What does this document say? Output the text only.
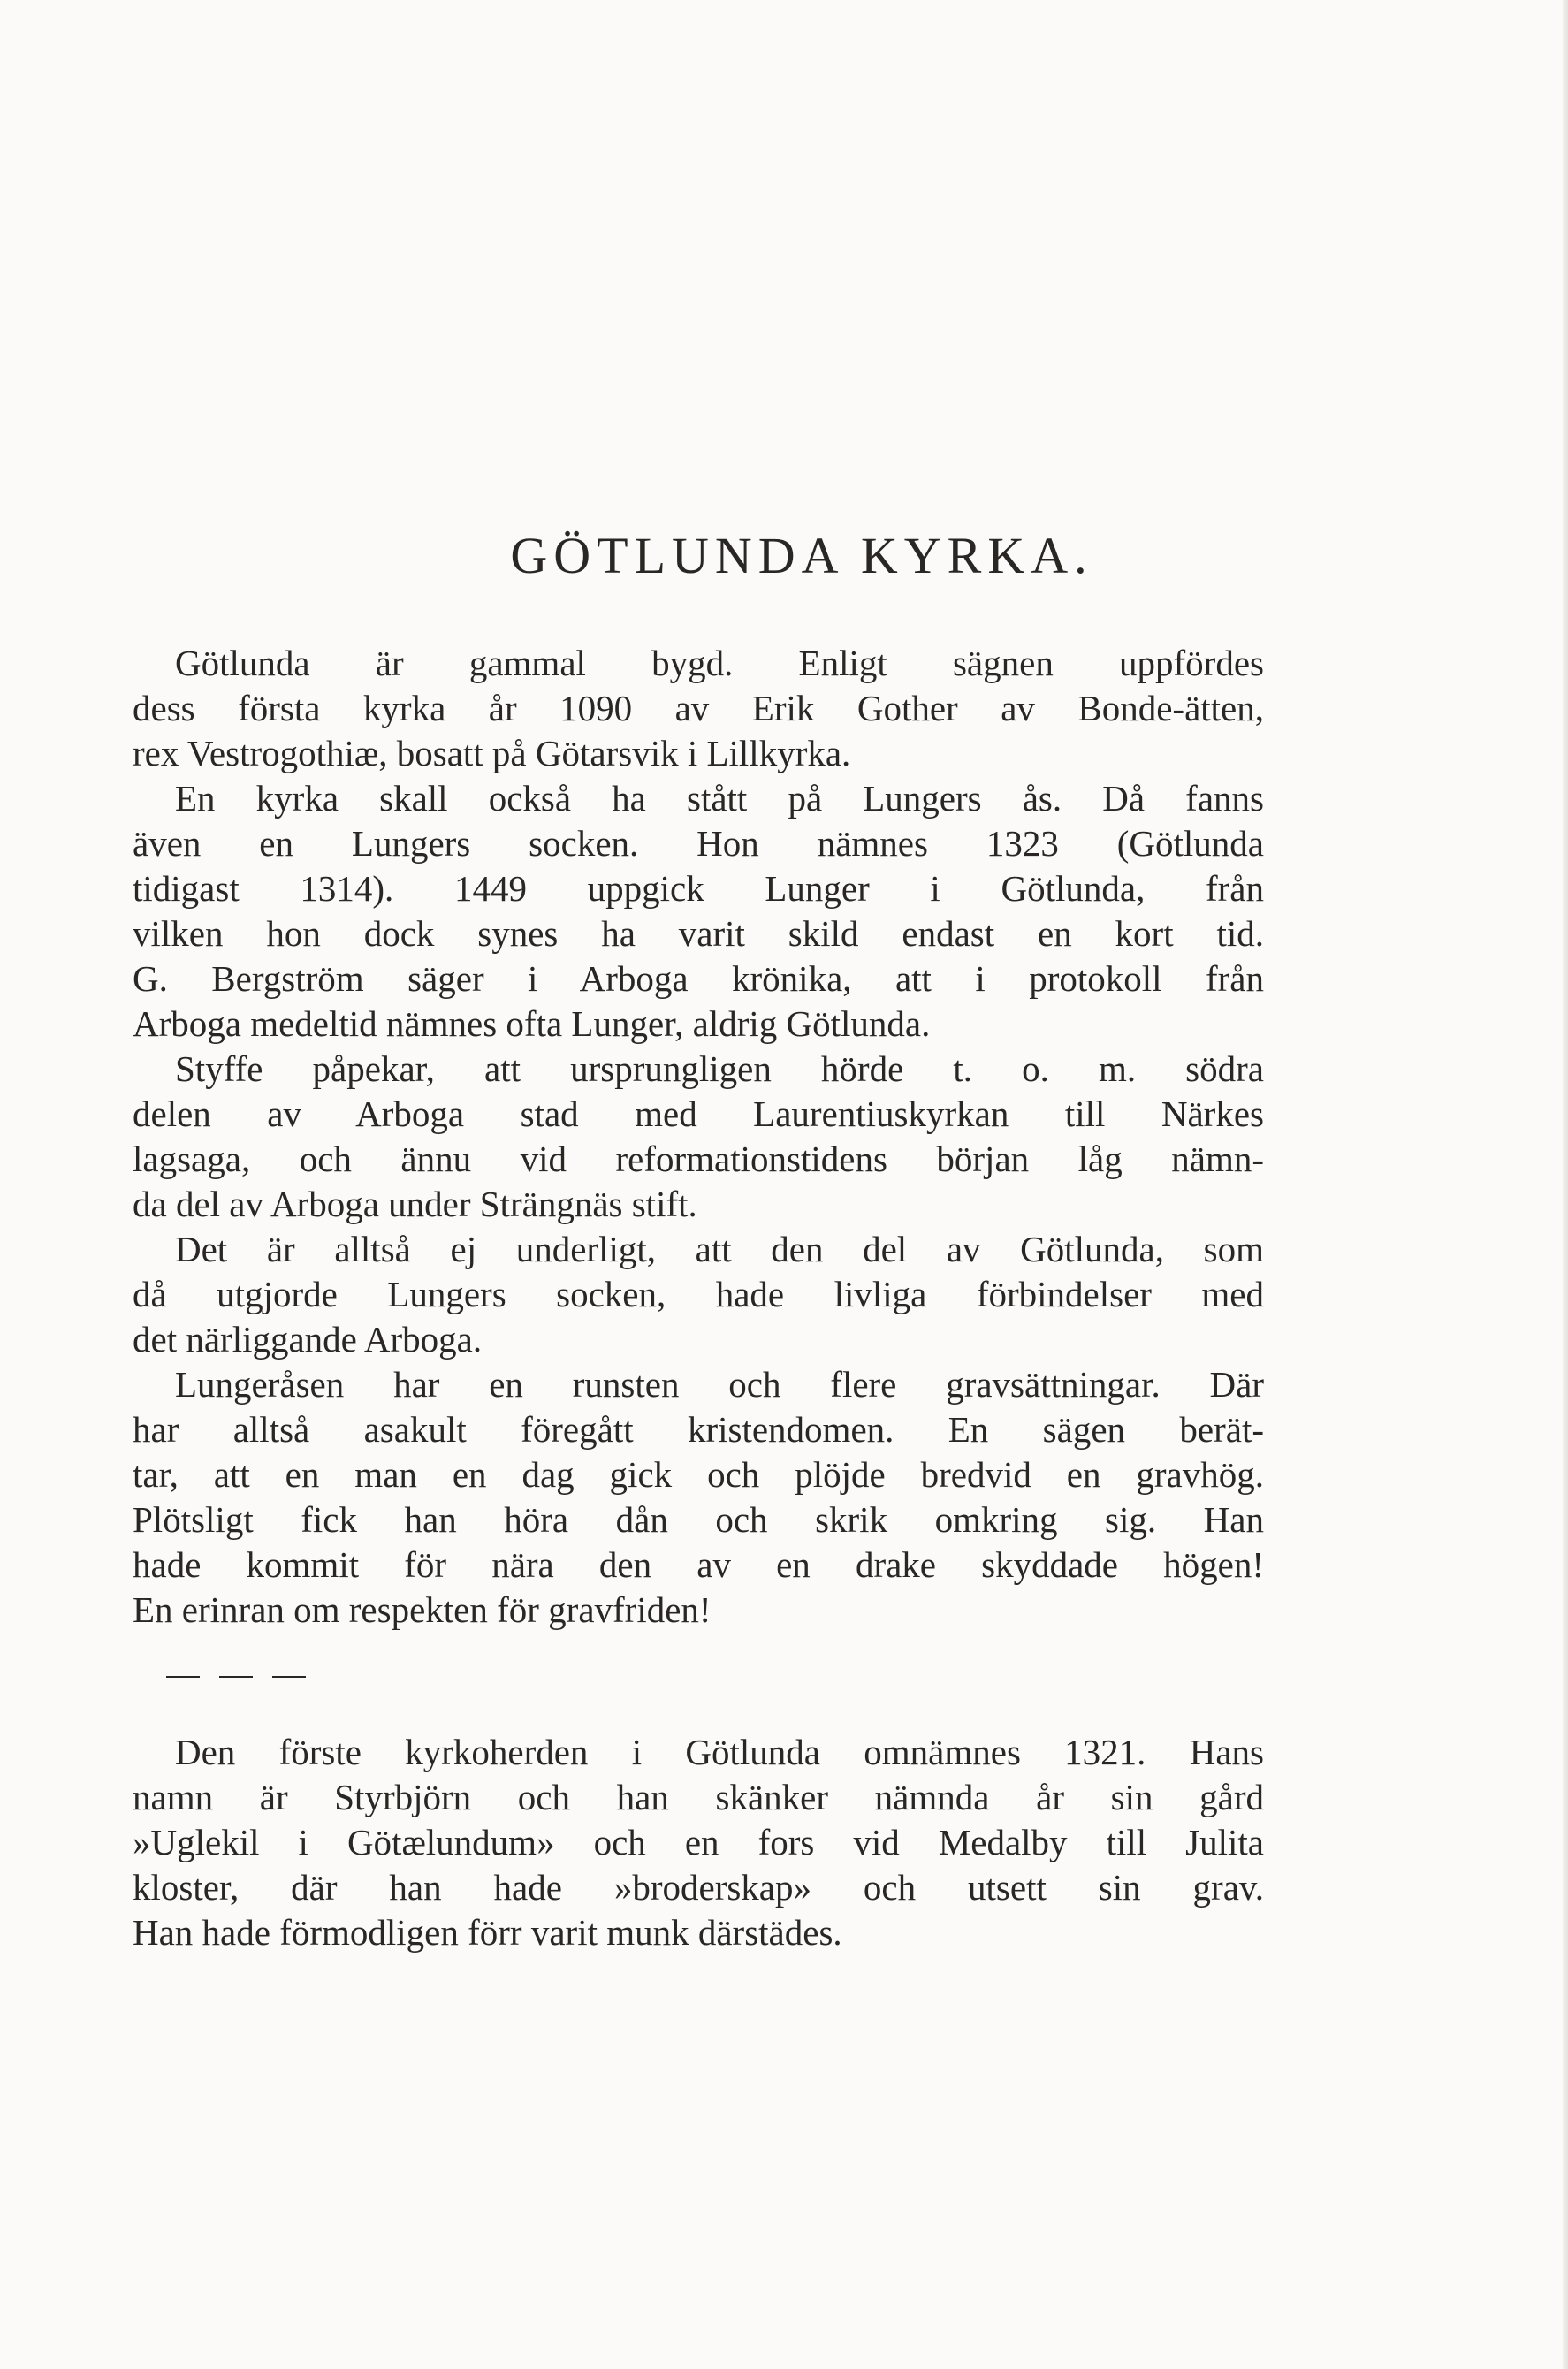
GÖTLUNDA KYRKA.
Götlunda är gammal bygd. Enligt sägnen uppfördes
dess första kyrka år 1090 av Erik Gother av Bonde-ätten,
rex Vestrogothiæ, bosatt på Götarsvik i Lillkyrka.
En kyrka skall också ha stått på Lungers ås. Då fanns
även en Lungers socken. Hon nämnes 1323 (Götlunda
tidigast 1314). 1449 uppgick Lunger i Götlunda, från
vilken hon dock synes ha varit skild endast en kort tid.
G. Bergström säger i Arboga krönika, att i protokoll från
Arboga medeltid nämnes ofta Lunger, aldrig Götlunda.
Styffe påpekar, att ursprungligen hörde t. o. m. södra
delen av Arboga stad med Laurentiuskyrkan till Närkes
lagsaga, och ännu vid reformationstidens början låg nämn-
da del av Arboga under Strängnäs stift.
Det är alltså ej underligt, att den del av Götlunda, som
då utgjorde Lungers socken, hade livliga förbindelser med
det närliggande Arboga.
Lungeråsen har en runsten och flere gravsättningar. Där
har alltså asakult föregått kristendomen. En sägen berät-
tar, att en man en dag gick och plöjde bredvid en gravhög.
Plötsligt fick han höra dån och skrik omkring sig. Han
hade kommit för nära den av en drake skyddade högen!
En erinran om respekten för gravfriden!
Den förste kyrkoherden i Götlunda omnämnes 1321. Hans
namn är Styrbjörn och han skänker nämnda år sin gård
»Uglekil i Götælundum» och en fors vid Medalby till Julita
kloster, där han hade »broderskap» och utsett sin grav.
Han hade förmodligen förr varit munk därstädes.
